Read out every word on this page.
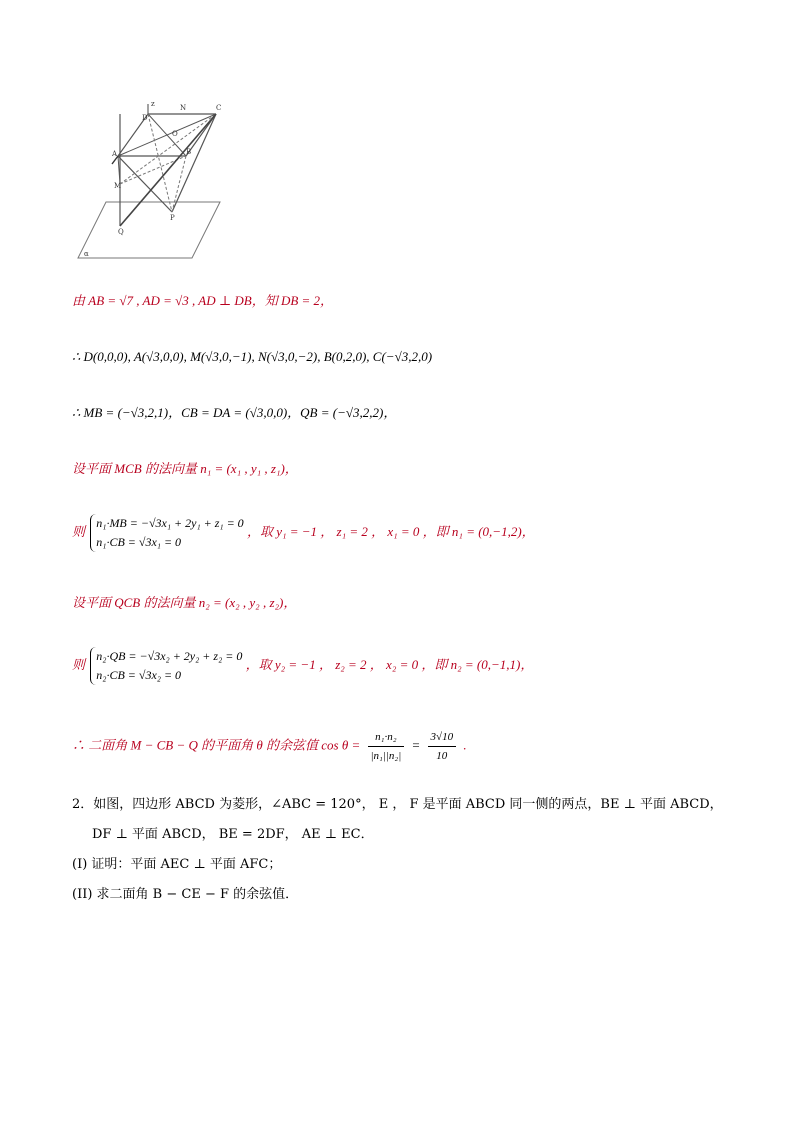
z	N	C
D
O
A	B
M
P
Q
α
由 AB = √7 , AD = √3 , AD ⊥ DB，知 DB = 2，
∴ D(0,0,0), A(√3,0,0), M(√3,0,−1), N(√3,0,−2), B(0,2,0), C(−√3,2,0)
∴ MB = (−√3,2,1)，CB = DA = (√3,0,0)，QB = (−√3,2,2)，
设平面 MCB 的法向量 n₁ = (x₁ , y₁ , z₁)，
则
n₁·MB = −√3x₁ + 2y₁ + z₁ = 0
n₁·CB = √3x₁ = 0
，取 y₁ = −1 ， z₁ = 2 ， x₁ = 0 ，即 n₁ = (0,−1,2)，
设平面 QCB 的法向量 n₂ = (x₂ , y₂ , z₂)，
则
n₂·QB = −√3x₂ + 2y₂ + z₂ = 0
n₂·CB = √3x₂ = 0
，取 y₂ = −1 ， z₂ = 2 ， x₂ = 0 ，即 n₂ = (0,−1,1)，
∴ 二面角 M − CB − Q 的平面角 θ 的余弦值 $\cos \theta = \frac{\text{n₁·n₂}}{\text{|n₁||n₂|}} = \frac{3√10}{10}$ .
2．如图，四边形 ABCD 为菱形，∠ABC = 120°， E ， F 是平面 ABCD 同一侧的两点，BE ⊥ 平面 ABCD，
DF ⊥ 平面 ABCD， BE = 2DF， AE ⊥ EC．
(I) 证明：平面 AEC ⊥ 平面 AFC；
(II) 求二面角 B − CE − F 的余弦值．
